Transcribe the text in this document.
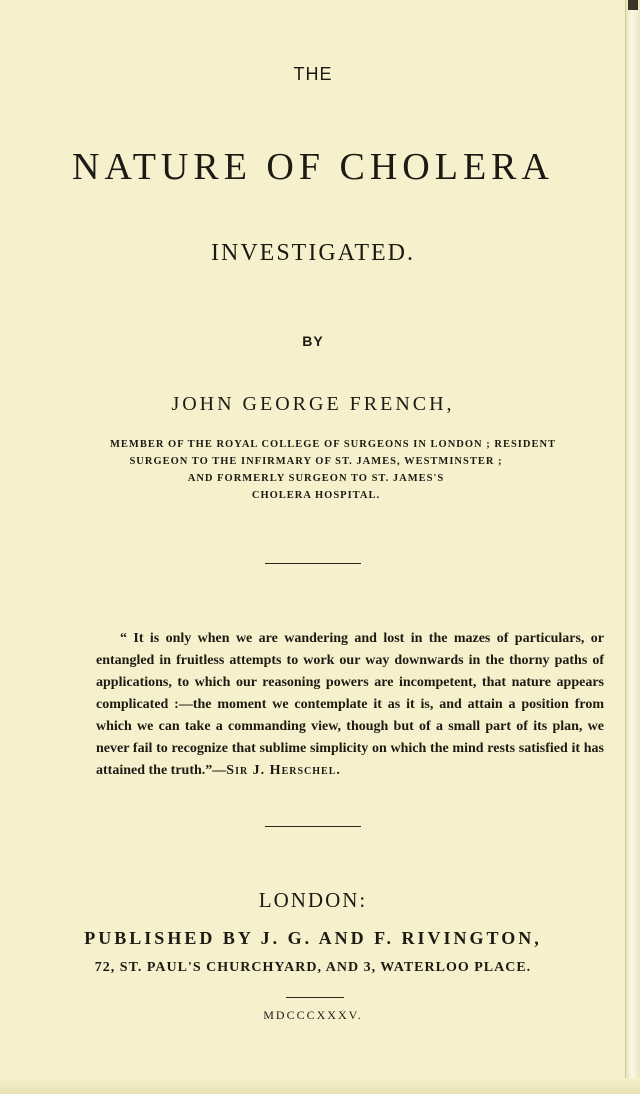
THE
NATURE OF CHOLERA
INVESTIGATED.
BY
JOHN GEORGE FRENCH,
MEMBER OF THE ROYAL COLLEGE OF SURGEONS IN LONDON ; RESIDENT
SURGEON TO THE INFIRMARY OF ST. JAMES, WESTMINSTER ;
AND FORMERLY SURGEON TO ST. JAMES'S
CHOLERA HOSPITAL.
“ It is only when we are wandering and lost in the mazes of particulars, or entangled in fruitless attempts to work our way downwards in the thorny paths of applications, to which our reasoning powers are incompetent, that nature appears complicated :—the moment we contemplate it as it is, and attain a position from which we can take a commanding view, though but of a small part of its plan, we never fail to recognize that sublime simplicity on which the mind rests satisfied it has attained the truth.”—Sir J. Herschel.
LONDON:
PUBLISHED BY J. G. AND F. RIVINGTON,
72, ST. PAUL'S CHURCHYARD, AND 3, WATERLOO PLACE.
MDCCCXXXV.
